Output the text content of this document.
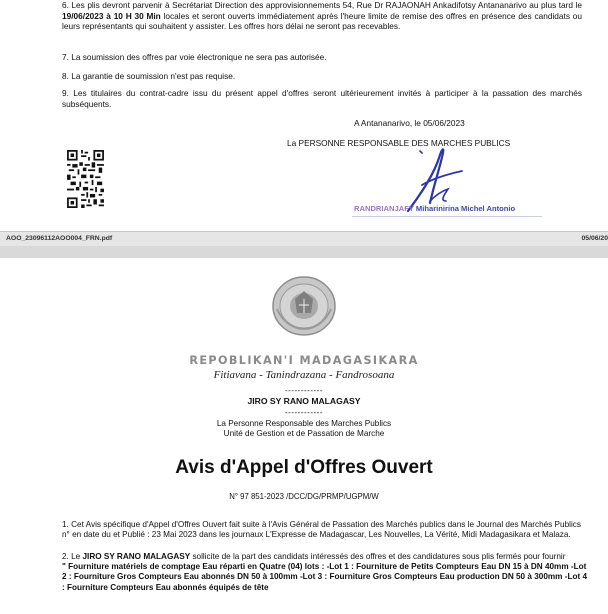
6. Les plis devront parvenir à Secrétariat Direction des approvisionnements 54, Rue Dr RAJAONAH Ankadifotsy Antananarivo au plus tard le 19/06/2023 à 10 H 30 Min locales et seront ouverts immédiatement après l'heure limite de remise des offres en présence des candidats ou leurs représentants qui souhaitent y assister. Les offres hors délai ne seront pas recevables.
7. La soumission des offres par voie électronique ne sera pas autorisée.
8. La garantie de soumission n'est pas requise.
9. Les titulaires du contrat-cadre issu du présent appel d'offres seront ultérieurement invités à participer à la passation des marchés subséquents.
A Antananarivo, le 05/06/2023
La PERSONNE RESPONSABLE DES MARCHES PUBLICS
RANDRIANJAFY Miharinirina Michel Antonio
AOO_23096112AOO004_FRN.pdf	05/06/20
REPOBLIKAN'I MADAGASIKARA
Fitiavana - Tanindrazana - Fandrosoana
------------
JIRO SY RANO MALAGASY
------------
La Personne Responsable des Marches Publics
Unité de Gestion et de Passation de Marche
Avis d'Appel d'Offres Ouvert
N° 97 851-2023 /DCC/DG/PRMP/UGPM/W
1. Cet Avis spécifique d'Appel d'Offres Ouvert fait suite à l'Avis Général de Passation des Marchés publics dans le Journal des Marchés Publics n° en date du et Publié : 23 Mai 2023 dans les journaux L'Expresse de Madagascar, Les Nouvelles, La Vérité, Midi Madagasikara et Malaza.
2. Le JIRO SY RANO MALAGASY sollicite de la part des candidats intéressés des offres et des candidatures sous plis fermés pour fournir
" Fourniture matériels de comptage Eau réparti en Quatre (04) lots : -Lot 1 : Fourniture de Petits Compteurs Eau DN 15 à DN 40mm -Lot 2 : Fourniture Gros Compteurs Eau abonnés DN 50 à 100mm -Lot 3 : Fourniture Gros Compteurs Eau production DN 50 à 300mm -Lot 4 : Fourniture Compteurs Eau abonnés équipés de tête
